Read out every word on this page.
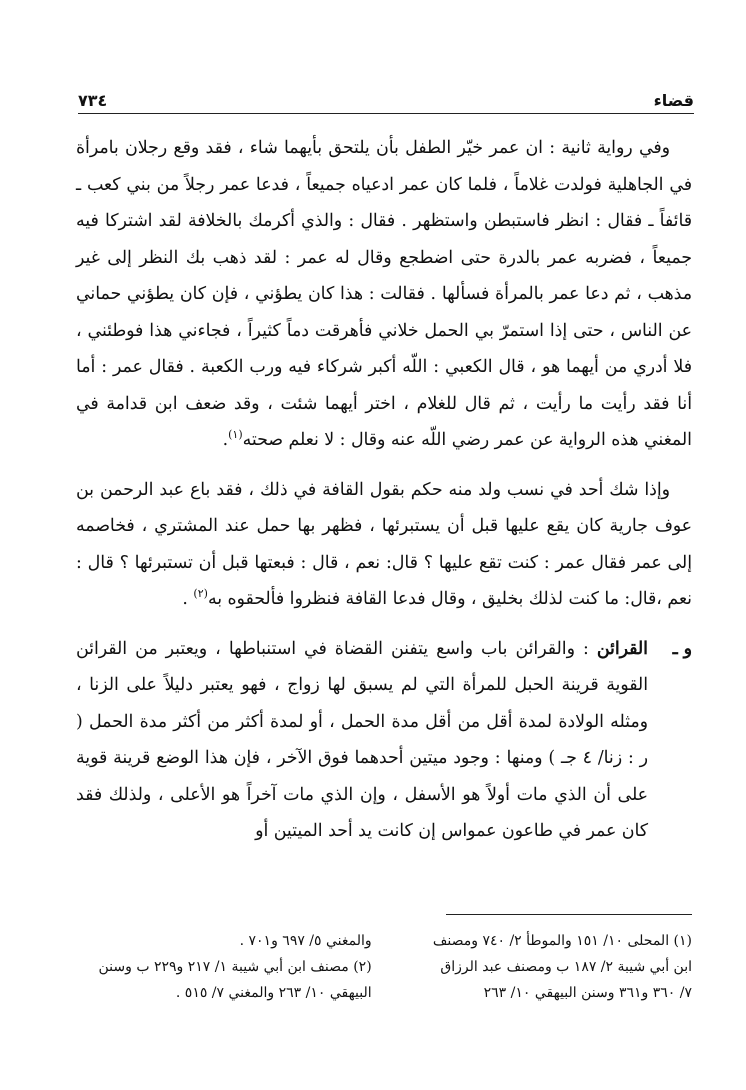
قضاء
٧٣٤

وفي رواية ثانية : ان عمر خيّر الطفل بأن يلتحق بأيهما شاء ، فقد وقع رجلان بامرأة في الجاهلية فولدت غلاماً ، فلما كان عمر ادعياه جميعاً ، فدعا عمر رجلاً من بني كعب ـ قائفاً ـ فقال : انظر فاستبطن واستظهر . فقال : والذي أكرمك بالخلافة لقد اشتركا فيه جميعاً ، فضربه عمر بالدرة حتى اضطجع وقال له عمر : لقد ذهب بك النظر إلى غير مذهب ، ثم دعا عمر بالمرأة فسألها . فقالت : هذا كان يطؤني ، فإن كان يطؤني حماني عن الناس ، حتى إذا استمرّ بي الحمل خلاني فأهرقت دماً كثيراً ، فجاءني هذا فوطئني ، فلا أدري من أيهما هو ، قال الكعبي : اللّه أكبر شركاء فيه ورب الكعبة . فقال عمر : أما أنا فقد رأيت ما رأيت ، ثم قال للغلام ، اختر أيهما شئت ، وقد ضعف ابن قدامة في المغني هذه الرواية عن عمر رضي اللّه عنه وقال : لا نعلم صحته$^{(١)}$.

وإذا شك أحد في نسب ولد منه حكم بقول القافة في ذلك ، فقد باع عبد الرحمن بن عوف جارية كان يقع عليها قبل أن يستبرئها ، فظهر بها حمل عند المشتري ، فخاصمه إلى عمر فقال عمر : كنت تقع عليها ؟ قال: نعم ، قال : فبعتها قبل أن تستبرئها ؟ قال : نعم ،قال: ما كنت لذلك بخليق ، وقال فدعا القافة فنظروا فألحقوه به$^{(٢)}$ .

و ـ
القرائن : والقرائن باب واسع يتفنن القضاة في استنباطها ، ويعتبر من القرائن القوية قرينة الحبل للمرأة التي لم يسبق لها زواج ، فهو يعتبر دليلاً على الزنا ، ومثله الولادة لمدة أقل من أقل مدة الحمل ، أو لمدة أكثر من أكثر مدة الحمل ( ر : زنا/ ٤ جـ ) ومنها : وجود ميتين أحدهما فوق الآخر ، فإن هذا الوضع قرينة قوية على أن الذي مات أولاً هو الأسفل ، وإن الذي مات آخراً هو الأعلى ، ولذلك فقد كان عمر في طاعون عمواس إن كانت يد أحد الميتين أو
(١) المحلى ١٠/ ١٥١ والموطأ ٢/ ٧٤٠ ومصنف
ابن أبي شيبة ٢/ ١٨٧ ب ومصنف عبد الرزاق
٧/ ٣٦٠ و٣٦١ وسنن البيهقي ١٠/ ٢٦٣
والمغني ٥/ ٦٩٧ و٧٠١ .
(٢) مصنف ابن أبي شيبة ١/ ٢١٧ و٢٢٩ ب وسنن
البيهقي ١٠/ ٢٦٣ والمغني ٧/ ٥١٥ .
